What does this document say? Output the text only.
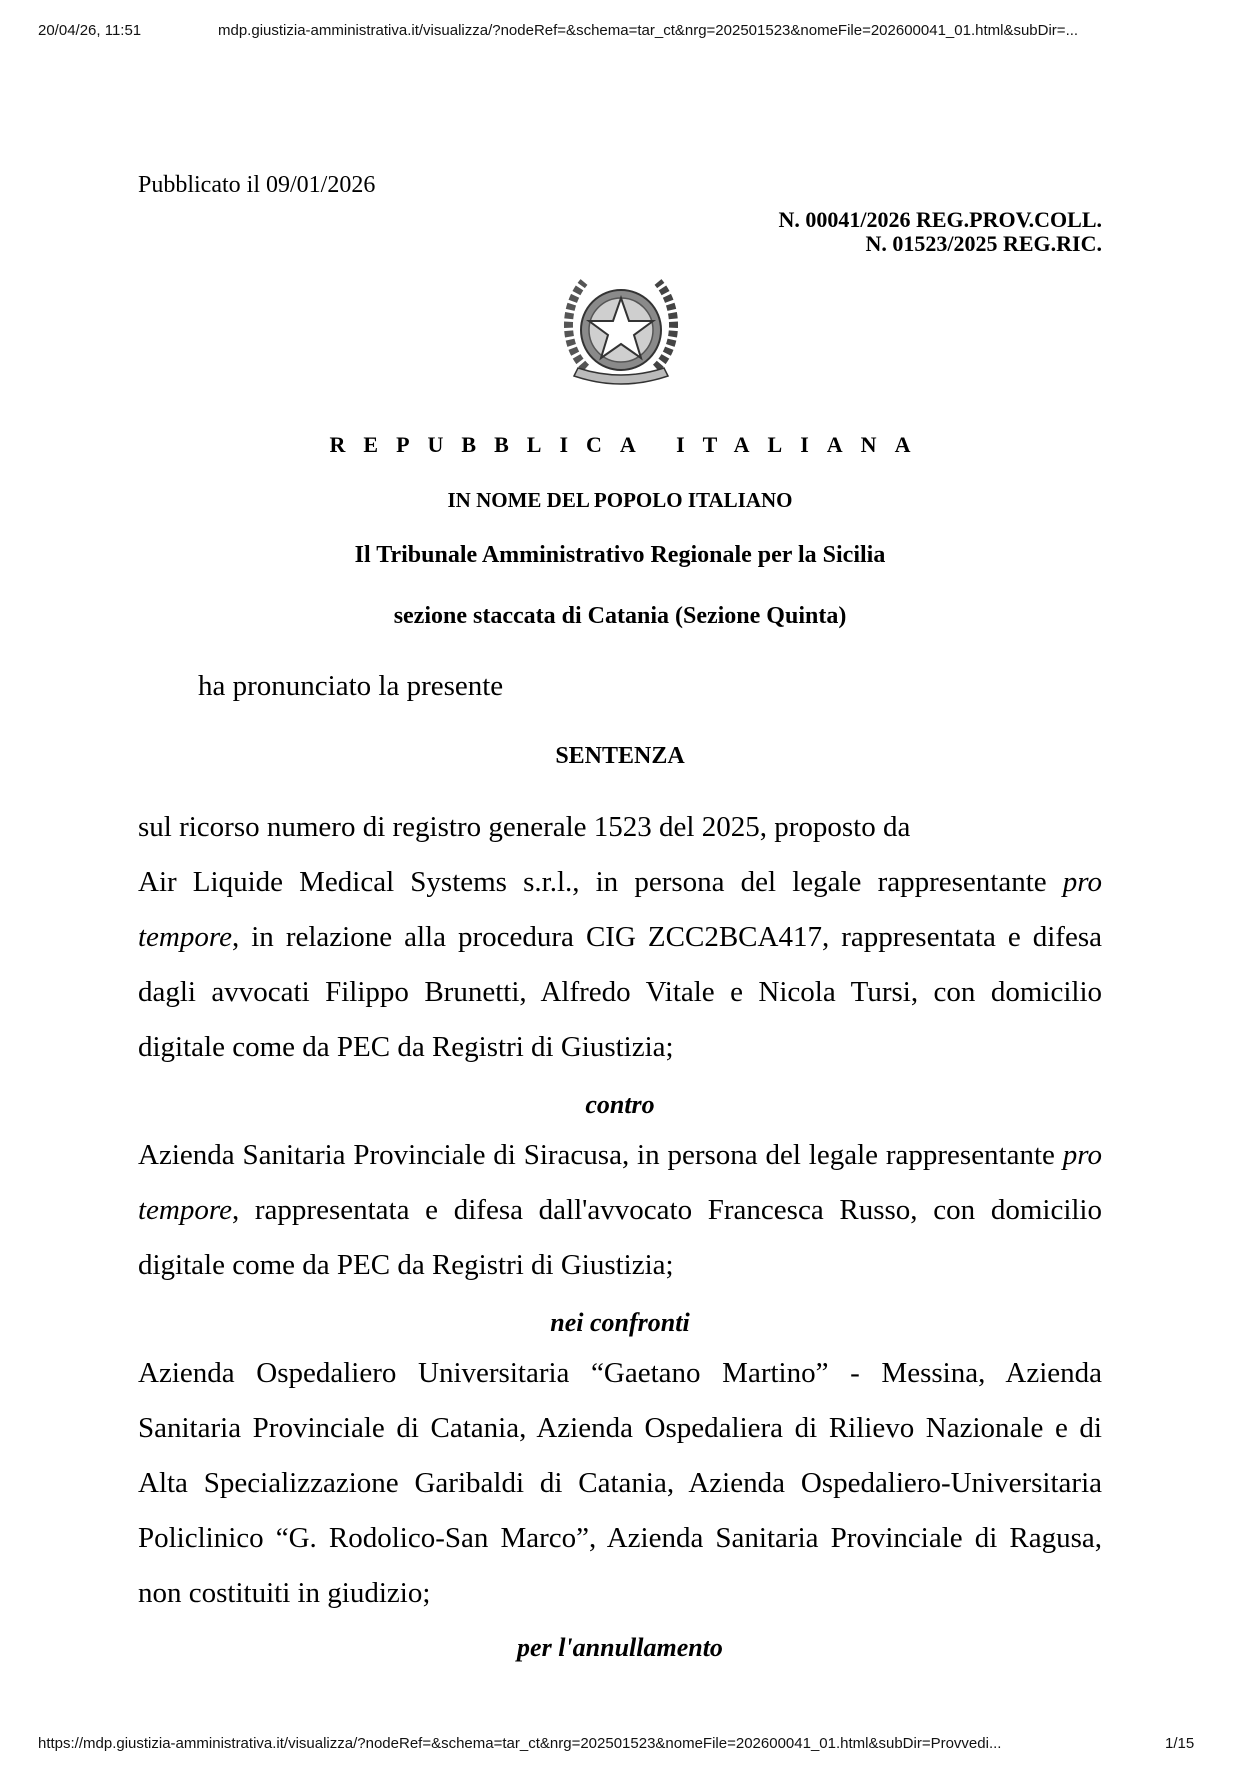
20/04/26, 11:51	mdp.giustizia-amministrativa.it/visualizza/?nodeRef=&schema=tar_ct&nrg=202501523&nomeFile=202600041_01.html&subDir=...
Pubblicato il 09/01/2026
N. 00041/2026 REG.PROV.COLL.
N. 01523/2025 REG.RIC.
REPUBBLICA ITALIANA
IN NOME DEL POPOLO ITALIANO
Il Tribunale Amministrativo Regionale per la Sicilia
sezione staccata di Catania (Sezione Quinta)
ha pronunciato la presente
SENTENZA
sul ricorso numero di registro generale 1523 del 2025, proposto da
Air Liquide Medical Systems s.r.l., in persona del legale rappresentante pro tempore, in relazione alla procedura CIG ZCC2BCA417, rappresentata e difesa dagli avvocati Filippo Brunetti, Alfredo Vitale e Nicola Tursi, con domicilio digitale come da PEC da Registri di Giustizia;
contro
Azienda Sanitaria Provinciale di Siracusa, in persona del legale rappresentante pro tempore, rappresentata e difesa dall'avvocato Francesca Russo, con domicilio digitale come da PEC da Registri di Giustizia;
nei confronti
Azienda Ospedaliero Universitaria “Gaetano Martino” - Messina, Azienda Sanitaria Provinciale di Catania, Azienda Ospedaliera di Rilievo Nazionale e di Alta Specializzazione Garibaldi di Catania, Azienda Ospedaliero-Universitaria Policlinico “G. Rodolico-San Marco”, Azienda Sanitaria Provinciale di Ragusa, non costituiti in giudizio;
per l'annullamento
https://mdp.giustizia-amministrativa.it/visualizza/?nodeRef=&schema=tar_ct&nrg=202501523&nomeFile=202600041_01.html&subDir=Provvedi...	1/15
